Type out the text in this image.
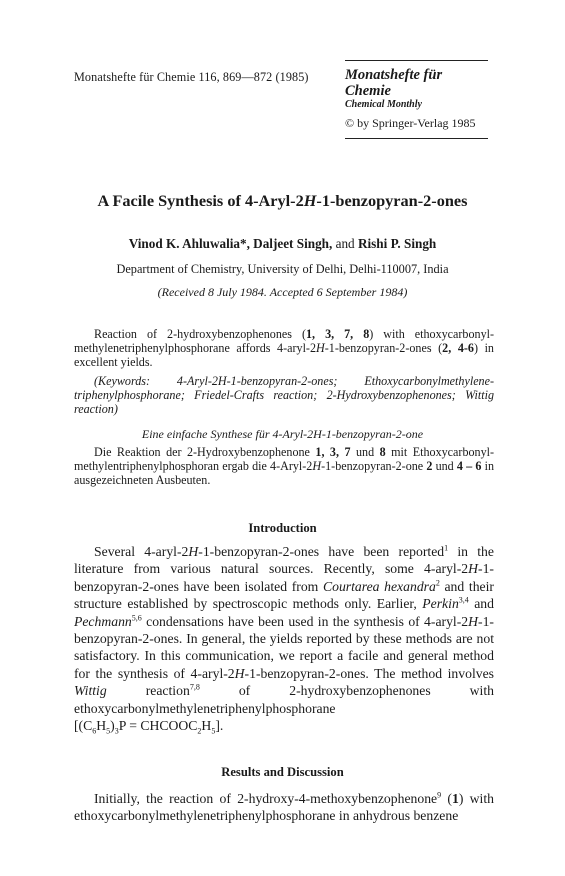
Monatshefte für Chemie 116, 869—872 (1985)	Monatshefte für Chemie
Chemical Monthly
© by Springer-Verlag 1985
A Facile Synthesis of 4-Aryl-2H-1-benzopyran-2-ones
Vinod K. Ahluwalia*, Daljeet Singh, and Rishi P. Singh
Department of Chemistry, University of Delhi, Delhi-110007, India
(Received 8 July 1984. Accepted 6 September 1984)
Reaction of 2-hydroxybenzophenones (1, 3, 7, 8) with ethoxycarbonyl-methylenetriphenylphosphorane affords 4-aryl-2H-1-benzopyran-2-ones (2, 4-6) in excellent yields.
(Keywords: 4-Aryl-2H-1-benzopyran-2-ones; Ethoxycarbonylmethylene-triphenylphosphorane; Friedel-Crafts reaction; 2-Hydroxybenzophenones; Wittig reaction)
Eine einfache Synthese für 4-Aryl-2H-1-benzopyran-2-one
Die Reaktion der 2-Hydroxybenzophenone 1, 3, 7 und 8 mit Ethoxycarbonyl-methylentriphenylphosphoran ergab die 4-Aryl-2H-1-benzopyran-2-one 2 und 4 – 6 in ausgezeichneten Ausbeuten.
Introduction
Several 4-aryl-2H-1-benzopyran-2-ones have been reported$^1$ in the literature from various natural sources. Recently, some 4-aryl-2H-1-benzopyran-2-ones have been isolated from Courtarea hexandra$^2$ and their structure established by spectroscopic methods only. Earlier, Perkin$^{3,4}$ and Pechmann$^{5,6}$ condensations have been used in the synthesis of 4-aryl-2H-1-benzopyran-2-ones. In general, the yields reported by these methods are not satisfactory. In this communication, we report a facile and general method for the synthesis of 4-aryl-2H-1-benzopyran-2-ones. The method involves Wittig reaction$^{7,8}$ of 2-hydroxybenzophenones with ethoxycarbonylmethylenetriphenylphosphorane
[$(C_6H_5)_3P$ = $CHCOOC_2H_5$].
Results and Discussion
Initially, the reaction of 2-hydroxy-4-methoxybenzophenone$^9$ (1) with ethoxycarbonylmethylenetriphenylphosphorane in anhydrous benzene
